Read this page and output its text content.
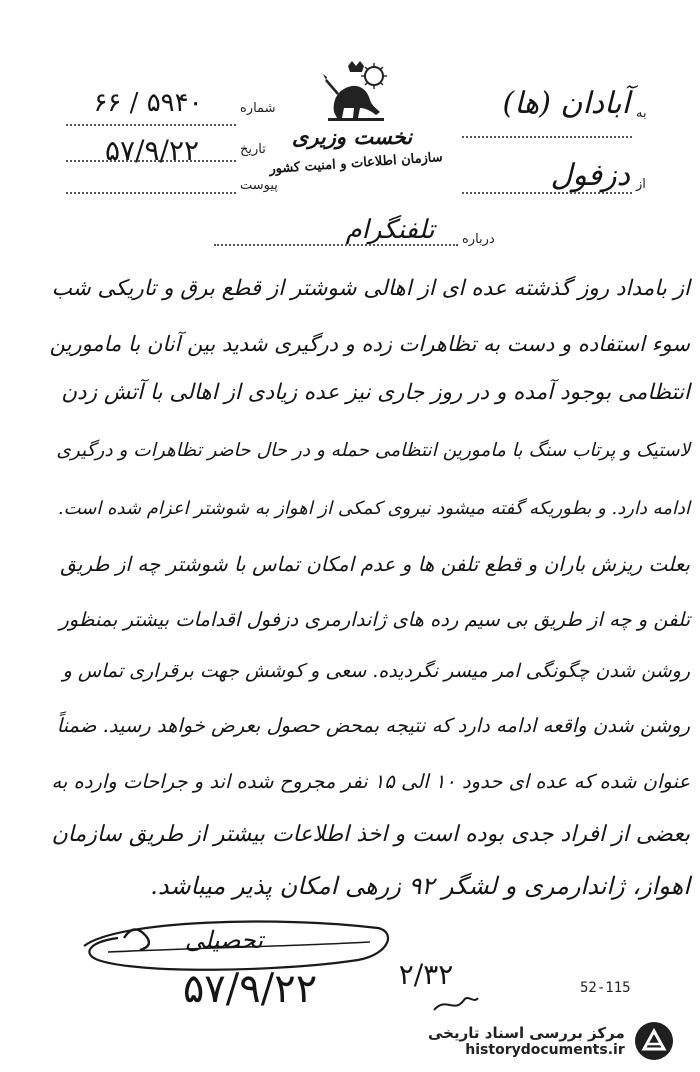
نخست وزیری
سازمان اطلاعات و امنیت کشور
به
آبادان (ها)
از
دزفول
شماره
۵۹۴۰ / ۶۶
تاریخ
۵۷/۹/۲۲
پیوست
درباره
تلفنگرام
از بامداد روز گذشته عده ای از اهالی شوشتر از قطع برق و تاریکی شب
سوء استفاده و دست به تظاهرات زده و درگیری شدید بین آنان با مامورین
انتظامی بوجود آمده و در روز جاری نیز عده زیادی از اهالی با آتش زدن
لاستیک و پرتاب سنگ با مامورین انتظامی حمله و در حال حاضر تظاهرات و درگیری
ادامه دارد. و بطوریکه گفته میشود نیروی کمکی از اهواز به شوشتر اعزام شده است.
بعلت ریزش باران و قطع تلفن ها و عدم امکان تماس با شوشتر چه از طریق
تلفن و چه از طریق بی سیم رده های ژاندارمری دزفول اقدامات بیشتر بمنظور
روشن شدن چگونگی امر میسر نگردیده. سعی و کوشش جهت برقراری تماس و
روشن شدن واقعه ادامه دارد که نتیجه بمحض حصول بعرض خواهد رسید. ضمناً
عنوان شده که عده ای حدود ۱۰ الی ۱۵ نفر مجروح شده اند و جراحات وارده به
بعضی از افراد جدی بوده است و اخذ اطلاعات بیشتر از طریق سازمان
اهواز، ژاندارمری و لشگر ۹۲ زرهی امکان پذیر میباشد.
تحصیلی
۵۷/۹/۲۲	۲/۳۲	52-115
مرکز بررسی اسناد تاریخی
historydocuments.ir
